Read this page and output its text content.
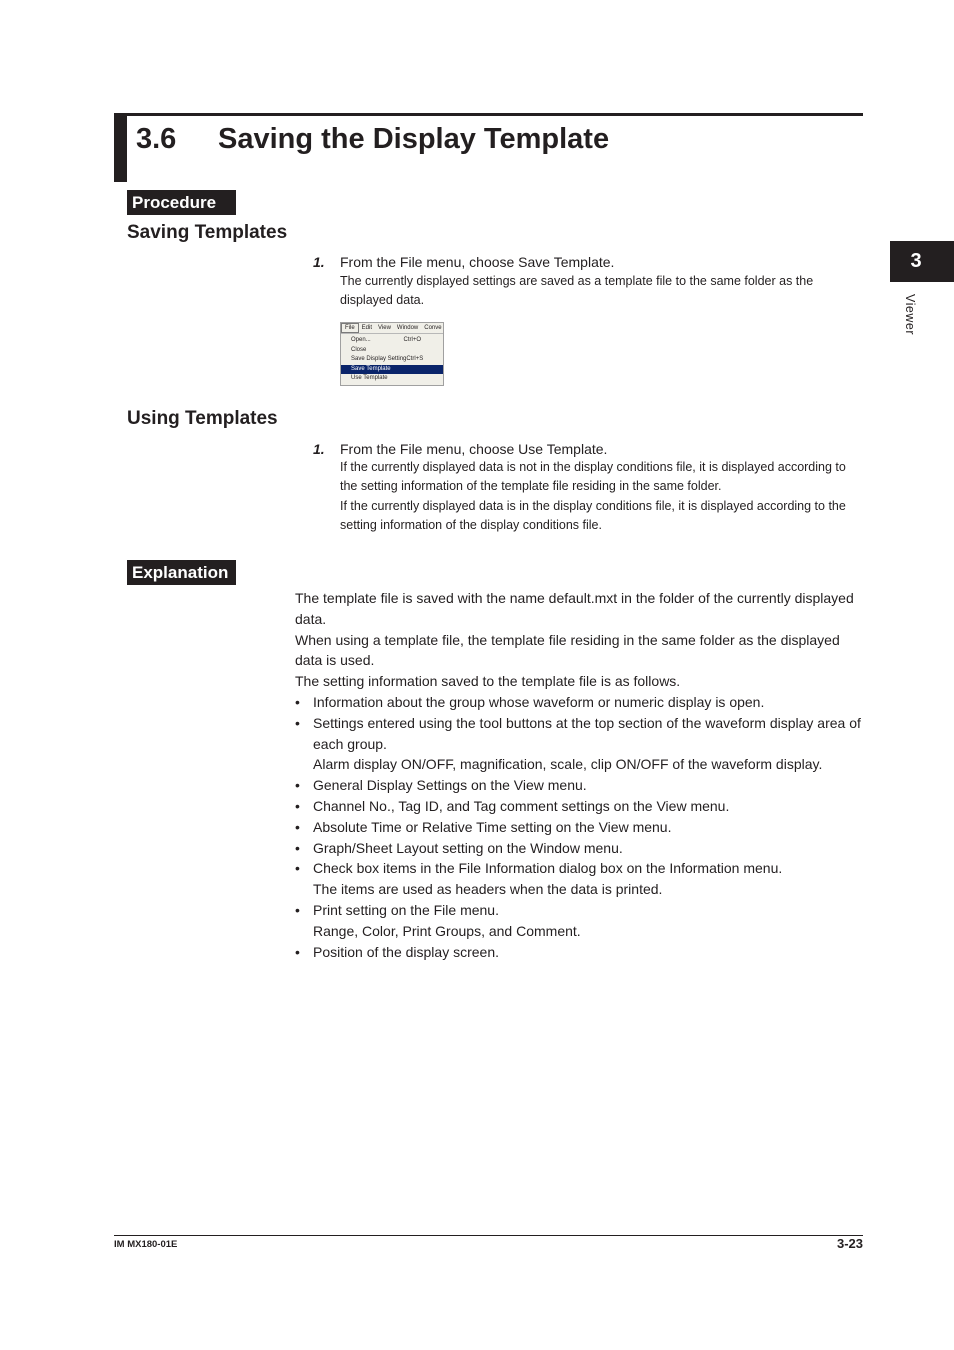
3.6 Saving the Display Template
3
Viewer
Procedure
Saving Templates
1. From the File menu, choose Save Template.

The currently displayed settings are saved as a template file to the same folder as the displayed data.

File	Edit	View	Window	Conve
Open...	Ctrl+O
Close
Save Display Setting Ctrl+S
Save Template
Use Template
Using Templates
1. From the File menu, choose Use Template.

If the currently displayed data is not in the display conditions file, it is displayed according to the setting information of the template file residing in the same folder.

If the currently displayed data is in the display conditions file, it is displayed according to the setting information of the display conditions file.

Explanation

The template file is saved with the name default.mxt in the folder of the currently displayed data.

When using a template file, the template file residing in the same folder as the displayed data is used.

The setting information saved to the template file is as follows.

• Information about the group whose waveform or numeric display is open.
• Settings entered using the tool buttons at the top section of the waveform display area of each group.
Alarm display ON/OFF, magnification, scale, clip ON/OFF of the waveform display.
• General Display Settings on the View menu.
• Channel No., Tag ID, and Tag comment settings on the View menu.
• Absolute Time or Relative Time setting on the View menu.
• Graph/Sheet Layout setting on the Window menu.
• Check box items in the File Information dialog box on the Information menu.
The items are used as headers when the data is printed.
• Print setting on the File menu.
Range, Color, Print Groups, and Comment.
• Position of the display screen.
IM MX180-01E	3-23
